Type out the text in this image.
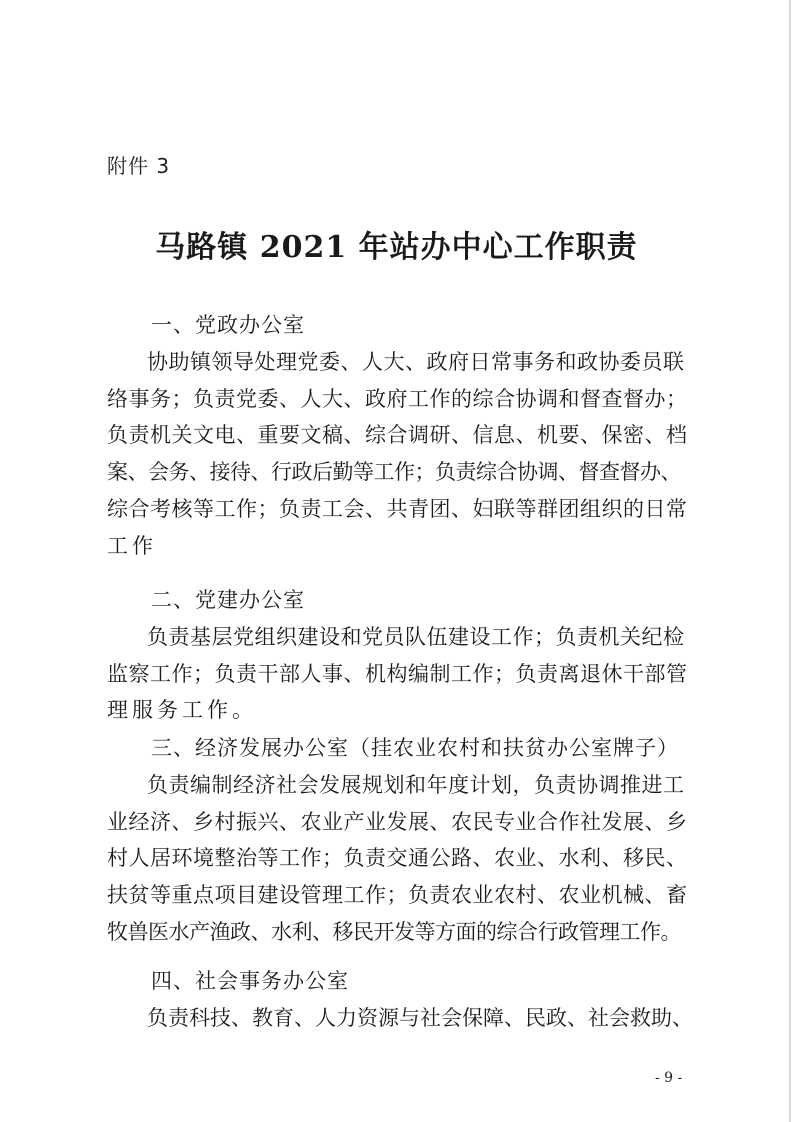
附件 3
马路镇 2021 年站办中心工作职责
一、党政办公室
协助镇领导处理党委、人大、政府日常事务和政协委员联
络事务；负责党委、人大、政府工作的综合协调和督查督办；
负责机关文电、重要文稿、综合调研、信息、机要、保密、档
案、会务、接待、行政后勤等工作；负责综合协调、督查督办、
综合考核等工作；负责工会、共青团、妇联等群团组织的日常
工作
二、党建办公室
负责基层党组织建设和党员队伍建设工作；负责机关纪检
监察工作；负责干部人事、机构编制工作；负责离退休干部管
理服务工作。
三、经济发展办公室（挂农业农村和扶贫办公室牌子）
负责编制经济社会发展规划和年度计划，负责协调推进工
业经济、乡村振兴、农业产业发展、农民专业合作社发展、乡
村人居环境整治等工作；负责交通公路、农业、水利、移民、
扶贫等重点项目建设管理工作；负责农业农村、农业机械、畜
牧兽医水产渔政、水利、移民开发等方面的综合行政管理工作。
四、社会事务办公室
负责科技、教育、人力资源与社会保障、民政、社会救助、
- 9 -
